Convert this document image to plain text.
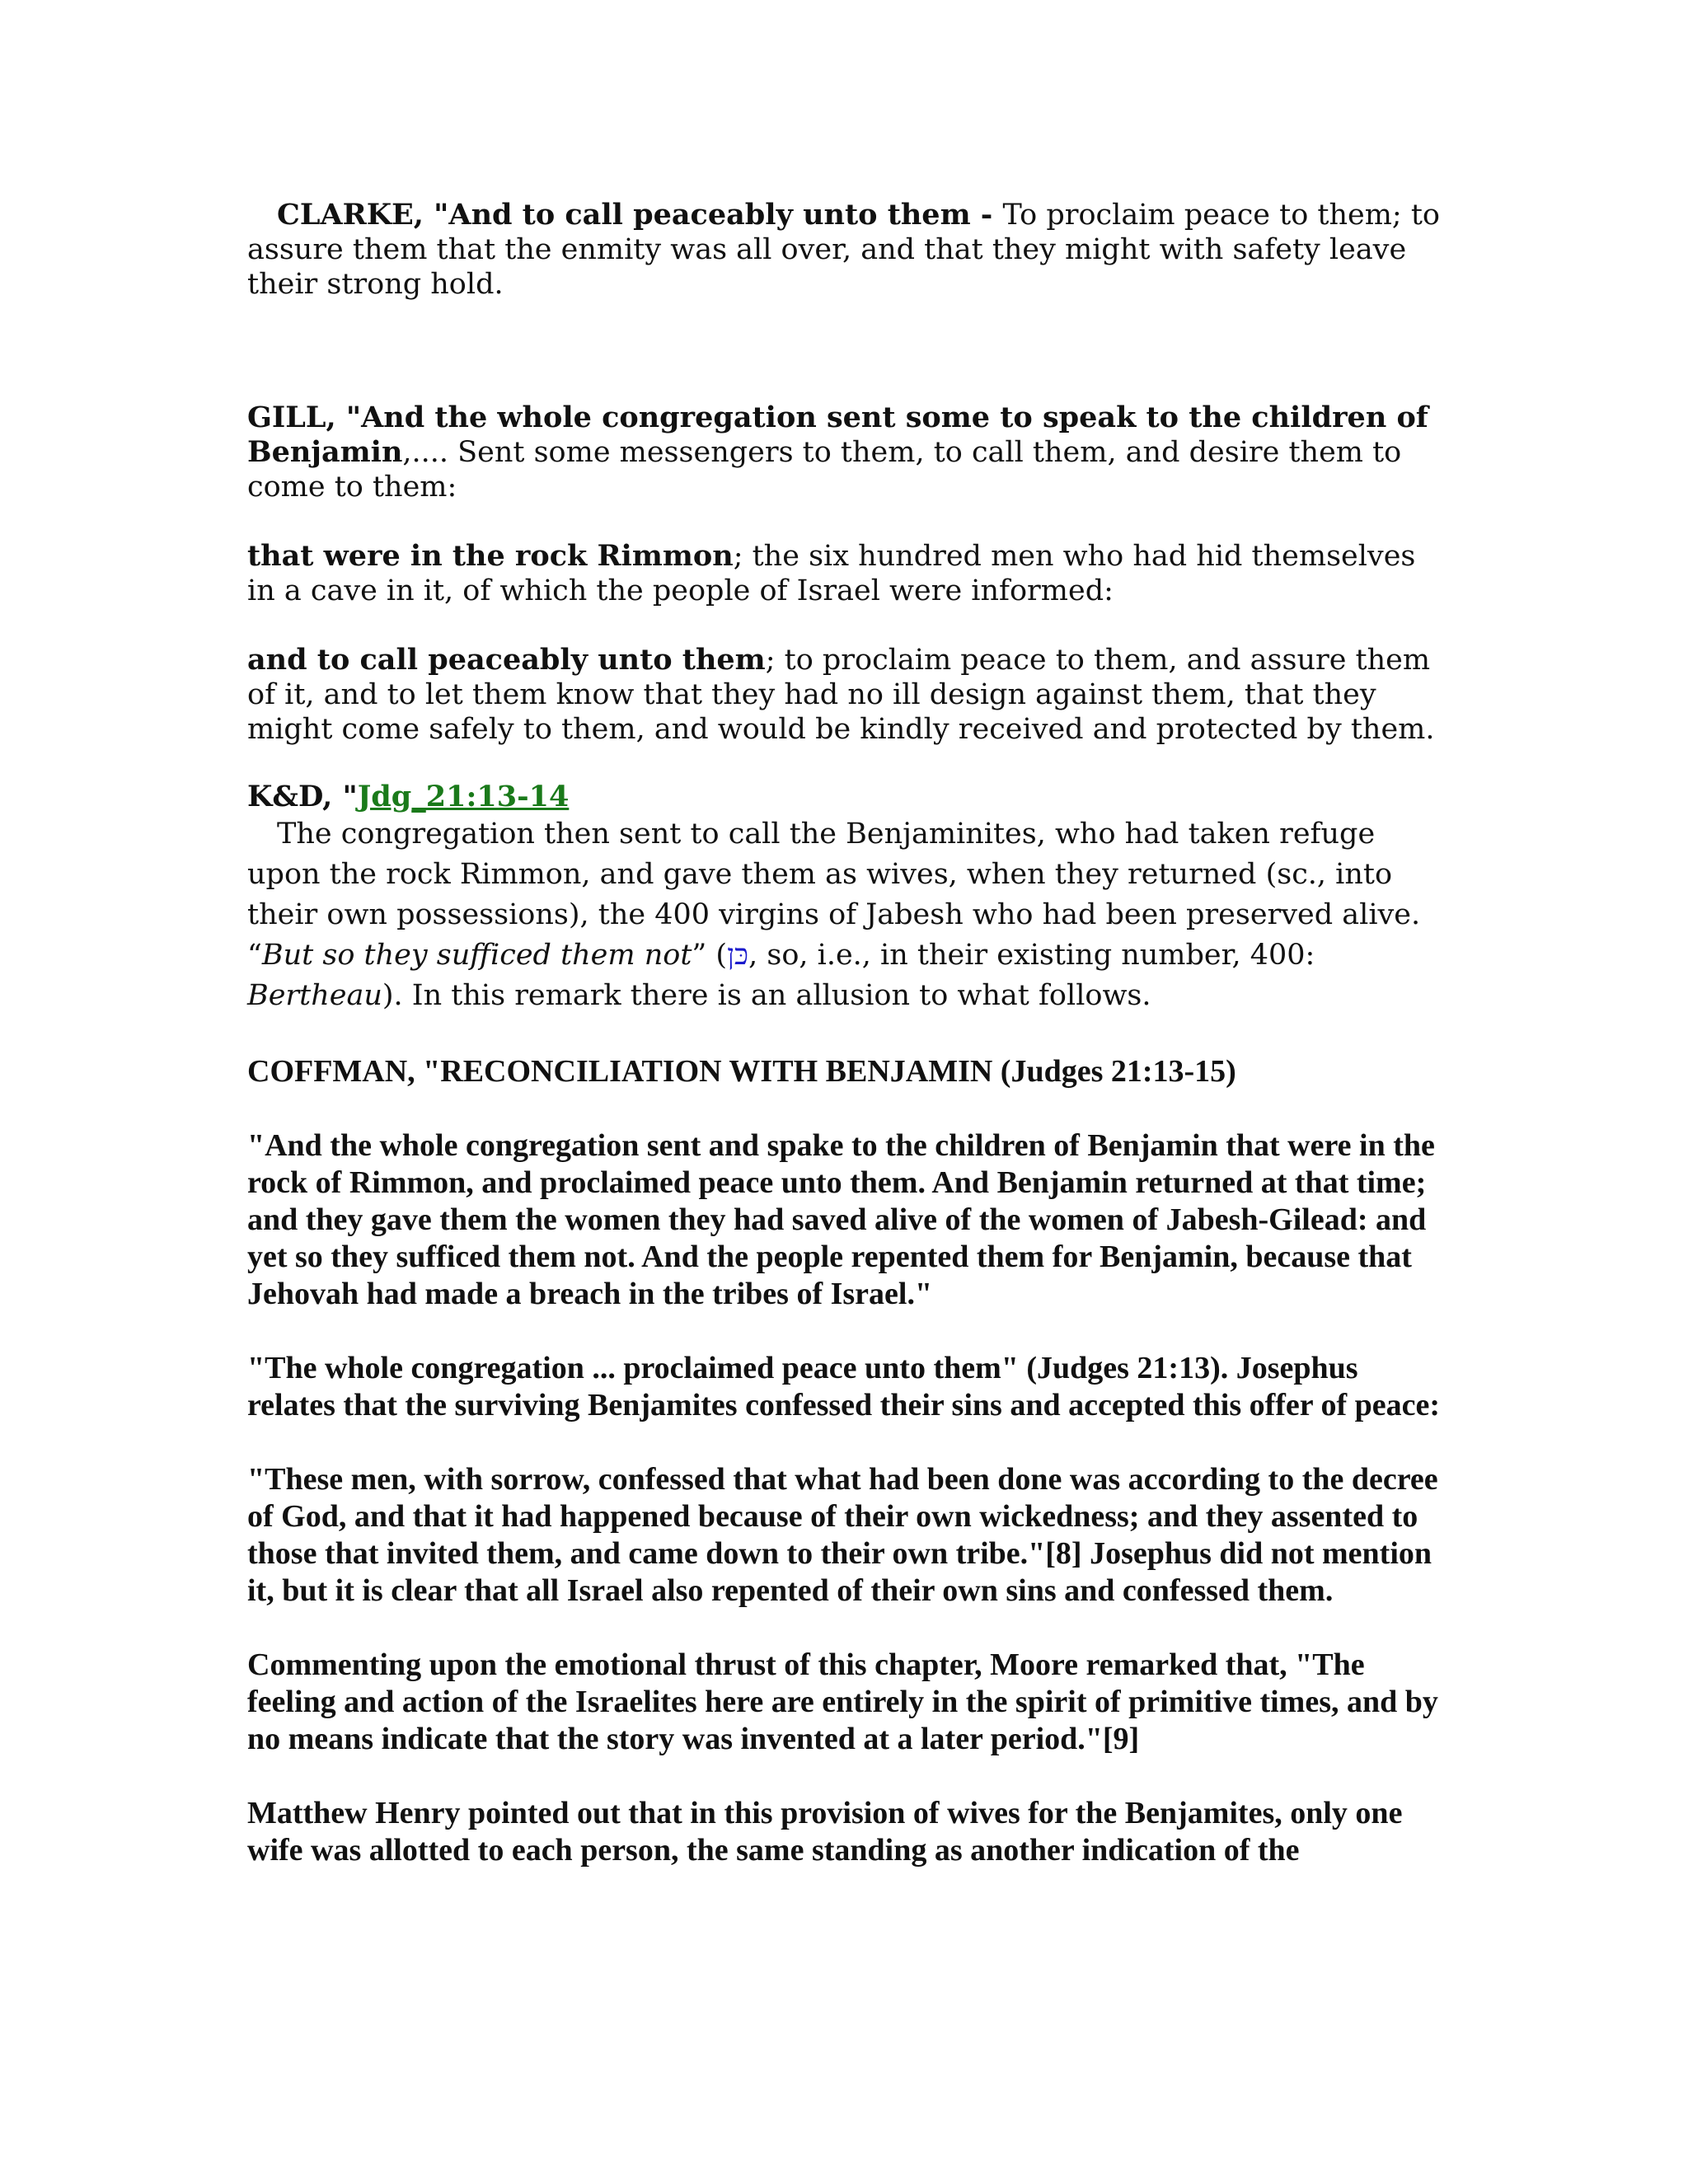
CLARKE, "And to call peaceably unto them - To proclaim peace to them; to assure them that the enmity was all over, and that they might with safety leave their strong hold.

GILL, "And the whole congregation sent some to speak to the children of Benjamin,.... Sent some messengers to them, to call them, and desire them to come to them:

that were in the rock Rimmon; the six hundred men who had hid themselves in a cave in it, of which the people of Israel were informed:

and to call peaceably unto them; to proclaim peace to them, and assure them of it, and to let them know that they had no ill design against them, that they might come safely to them, and would be kindly received and protected by them.

K&D, "Jdg_21:13-14

The congregation then sent to call the Benjaminites, who had taken refuge upon the rock Rimmon, and gave them as wives, when they returned (sc., into their own possessions), the 400 virgins of Jabesh who had been preserved alive. “But so they sufficed them not” (כּן, so, i.e., in their existing number, 400: Bertheau). In this remark there is an allusion to what follows.

COFFMAN, "RECONCILIATION WITH BENJAMIN (Judges 21:13-15)

"And the whole congregation sent and spake to the children of Benjamin that were in the rock of Rimmon, and proclaimed peace unto them. And Benjamin returned at that time; and they gave them the women they had saved alive of the women of Jabesh-Gilead: and yet so they sufficed them not. And the people repented them for Benjamin, because that Jehovah had made a breach in the tribes of Israel."

"The whole congregation ... proclaimed peace unto them" (Judges 21:13). Josephus relates that the surviving Benjamites confessed their sins and accepted this offer of peace:

"These men, with sorrow, confessed that what had been done was according to the decree of God, and that it had happened because of their own wickedness; and they assented to those that invited them, and came down to their own tribe."[8] Josephus did not mention it, but it is clear that all Israel also repented of their own sins and confessed them.

Commenting upon the emotional thrust of this chapter, Moore remarked that, "The feeling and action of the Israelites here are entirely in the spirit of primitive times, and by no means indicate that the story was invented at a later period."[9]

Matthew Henry pointed out that in this provision of wives for the Benjamites, only one wife was allotted to each person, the same standing as another indication of the
